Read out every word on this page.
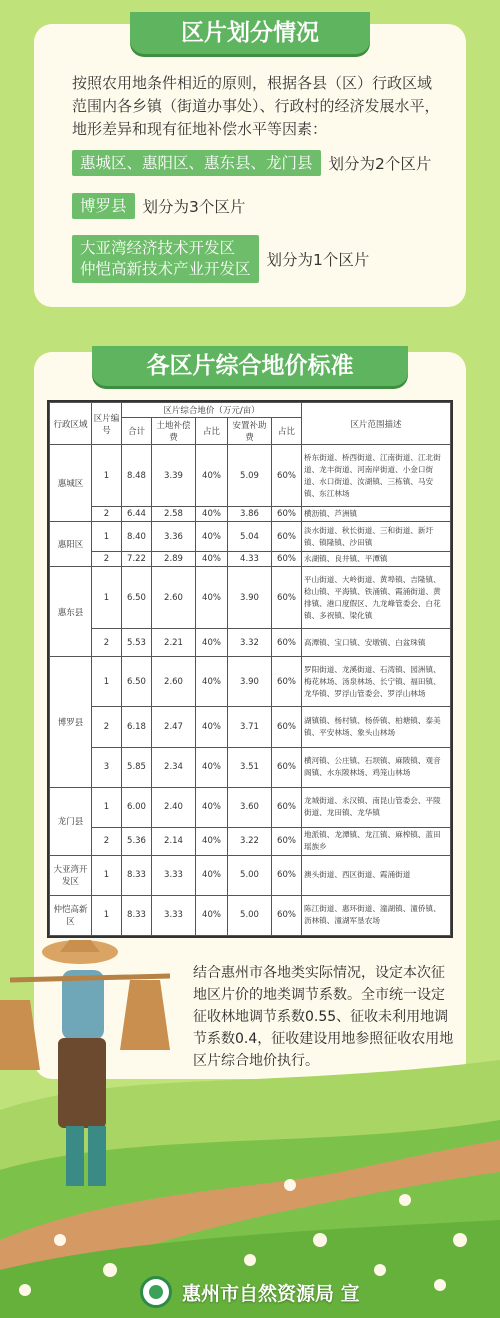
区片划分情况
按照农用地条件相近的原则，根据各县（区）行政区域范围内各乡镇（街道办事处）、行政村的经济发展水平，地形差异和现有征地补偿水平等因素：
惠城区、惠阳区、惠东县、龙门县	划分为2个区片
博罗县	划分为3个区片
大亚湾经济技术开发区
仲恺高新技术产业开发区	划分为1个区片
各区片综合地价标准
行政区域	区片编号	区片综合地价（万元/亩）					区片范围描述
		合计	土地补偿费	占比	安置补助费	占比	
惠城区	1	8.48	3.39	40%	5.09	60%	桥东街道、桥西街道、江南街道、江北街道、龙丰街道、河南岸街道、小金口街道、水口街道、汝湖镇、三栋镇、马安镇、东江林场
	2	6.44	2.58	40%	3.86	60%	横沥镇、芦洲镇
惠阳区	1	8.40	3.36	40%	5.04	60%	淡水街道、秋长街道、三和街道、新圩镇、镇隆镇、沙田镇
	2	7.22	2.89	40%	4.33	60%	永湖镇、良井镇、平潭镇
惠东县	1	6.50	2.60	40%	3.90	60%	平山街道、大岭街道、黄埠镇、吉隆镇、稔山镇、平海镇、铁涌镇、霞涌街道、黄排镇、港口度假区、九龙峰管委会、白花镇、多祝镇、梁化镇
	2	5.53	2.21	40%	3.32	60%	高潭镇、宝口镇、安墩镇、白盆珠镇
博罗县	1	6.50	2.60	40%	3.90	60%	罗阳街道、龙溪街道、石湾镇、园洲镇、梅花林场、汤泉林场、长宁镇、福田镇、龙华镇、罗浮山管委会、罗浮山林场
	2	6.18	2.47	40%	3.71	60%	湖镇镇、杨村镇、杨侨镇、柏塘镇、泰美镇、平安林场、象头山林场
	3	5.85	2.34	40%	3.51	60%	横河镇、公庄镇、石坝镇、麻陂镇、观音阁镇、水东陂林场、鸡笼山林场
龙门县	1	6.00	2.40	40%	3.60	60%	龙城街道、永汉镇、南昆山管委会、平陵街道、龙田镇、龙华镇
	2	5.36	2.14	40%	3.22	60%	地派镇、龙潭镇、龙江镇、麻榨镇、蓝田瑶族乡
大亚湾开发区	1	8.33	3.33	40%	5.00	60%	澳头街道、西区街道、霞涌街道
仲恺高新区	1	8.33	3.33	40%	5.00	60%	陈江街道、惠环街道、潼湖镇、潼侨镇、沥林镇、潼湖军垦农场
结合惠州市各地类实际情况，设定本次征地区片价的地类调节系数。全市统一设定征收林地调节系数0.55、征收未利用地调节系数0.4，征收建设用地参照征收农用地区片综合地价执行。
惠州市自然资源局 宣
